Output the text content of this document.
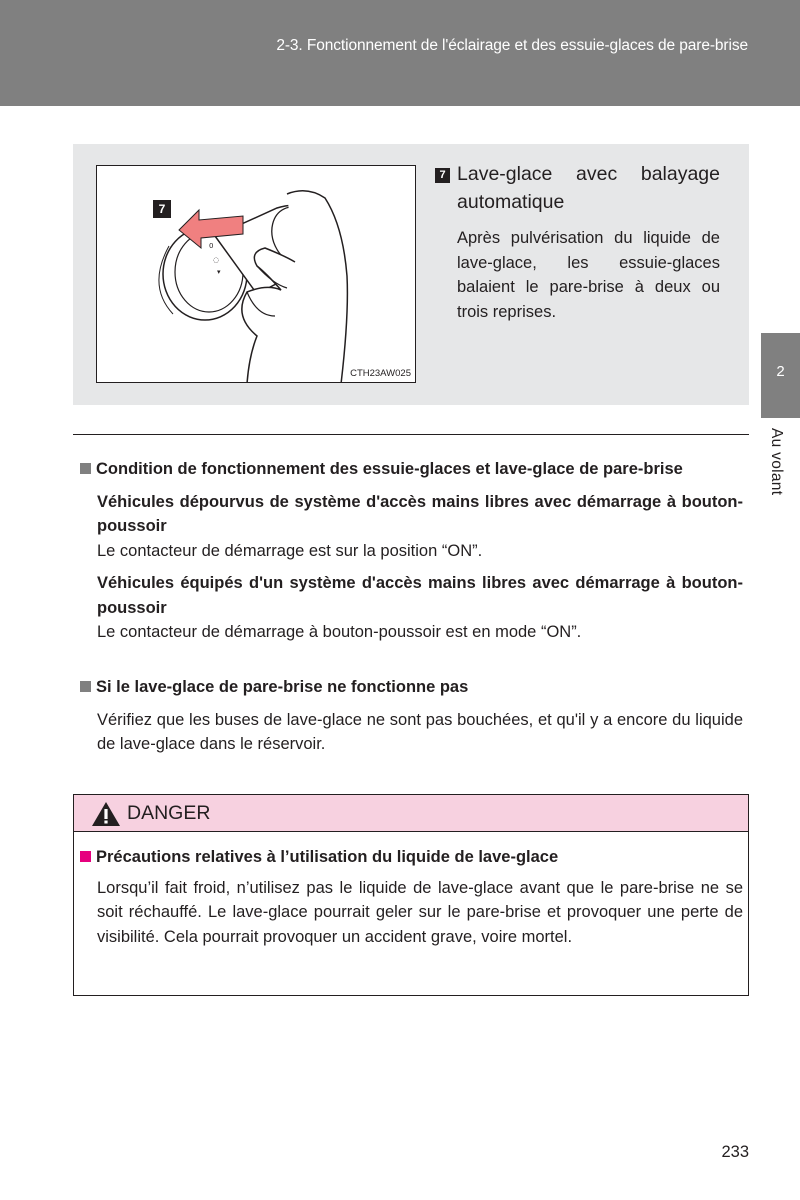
2-3. Fonctionnement de l'éclairage et des essuie-glaces de pare-brise
2
Au volant
0
◌
▾
7
CTH23AW025
7 Lave-glace avec balayage
automatique
Après pulvérisation du liquide de lave-glace, les essuie-glaces balaient le pare-brise à deux ou trois reprises.
Condition de fonctionnement des essuie-glaces et lave-glace de pare-brise
Véhicules dépourvus de système d'accès mains libres avec démarrage à bouton-poussoir
Le contacteur de démarrage est sur la position “ON”.
Véhicules équipés d'un système d'accès mains libres avec démarrage à bouton-poussoir
Le contacteur de démarrage à bouton-poussoir est en mode “ON”.
Si le lave-glace de pare-brise ne fonctionne pas
Vérifiez que les buses de lave-glace ne sont pas bouchées, et qu'il y a encore du liquide de lave-glace dans le réservoir.
DANGER
Précautions relatives à l’utilisation du liquide de lave-glace
Lorsqu’il fait froid, n’utilisez pas le liquide de lave-glace avant que le pare-brise ne se soit réchauffé. Le lave-glace pourrait geler sur le pare-brise et provoquer une perte de visibilité. Cela pourrait provoquer un accident grave, voire mortel.
233
